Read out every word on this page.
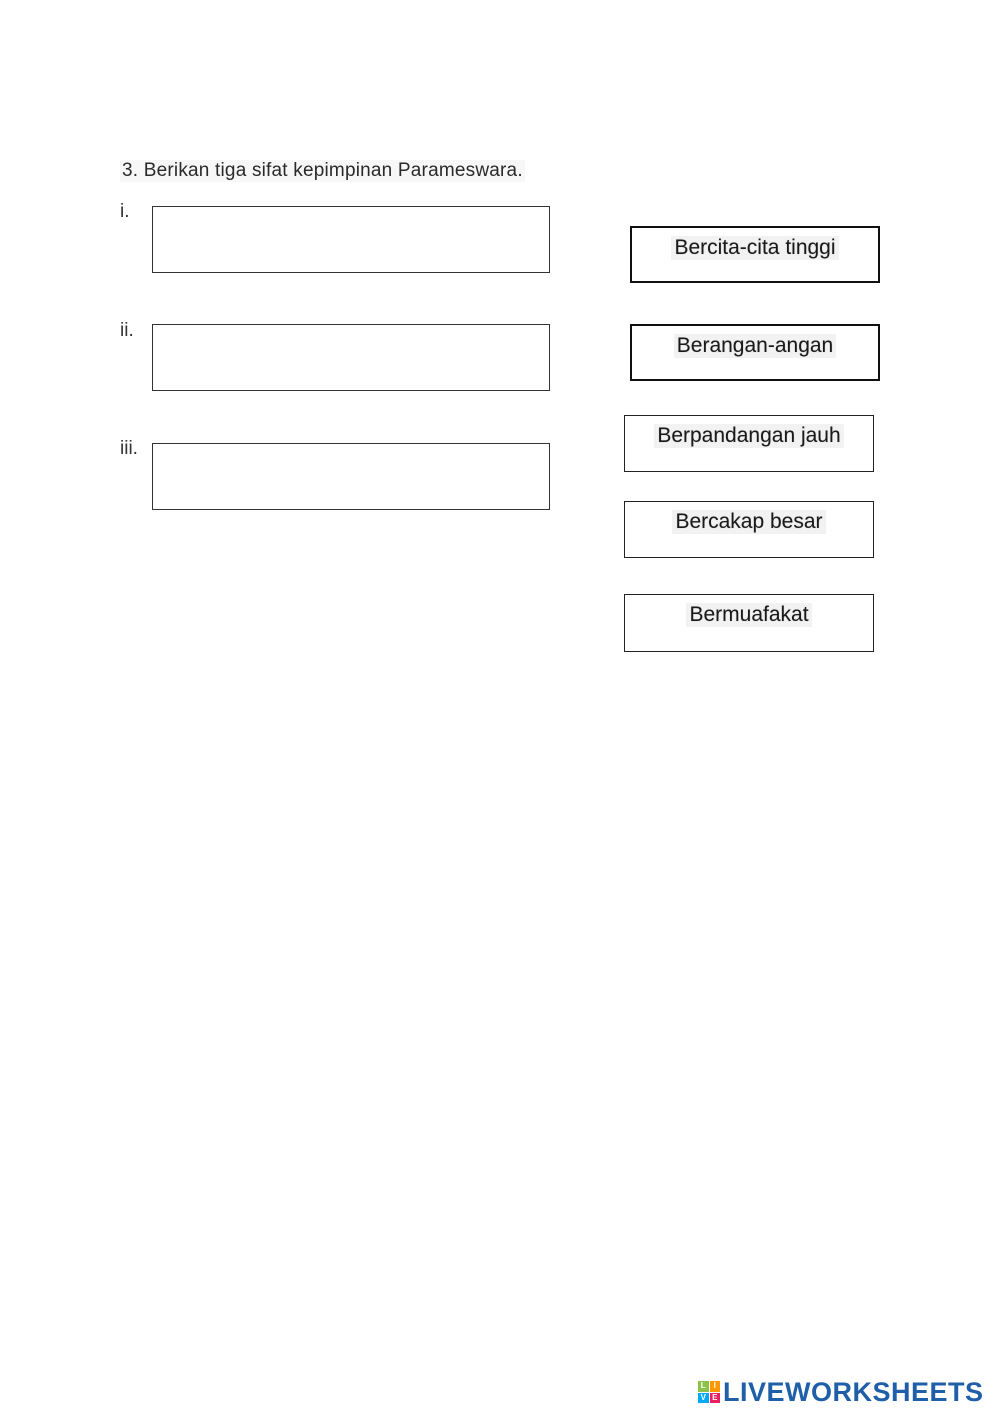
3. Berikan tiga sifat kepimpinan Parameswara.
i.
ii.
iii.
Bercita-cita tinggi
Berangan-angan
Berpandangan jauh
Bercakap besar
Bermuafakat
L I
V E LIVEWORKSHEETS
